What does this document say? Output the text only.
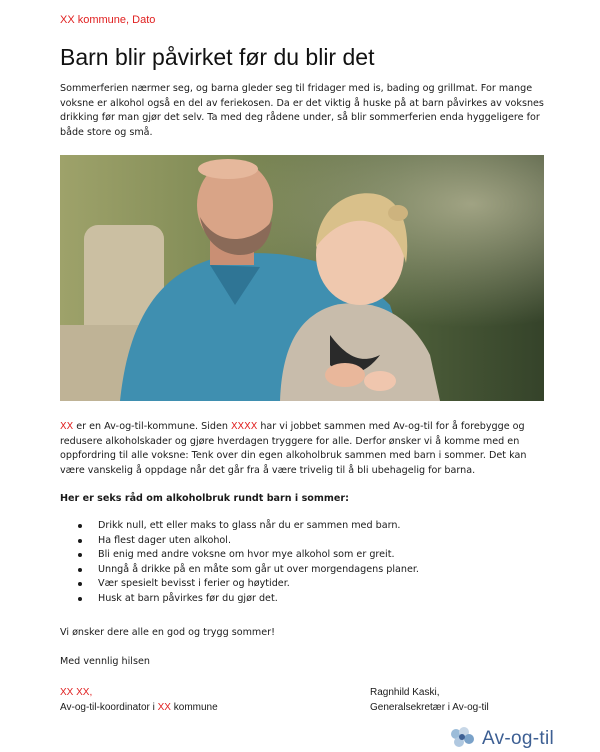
XX kommune, Dato
Barn blir påvirket før du blir det

Sommerferien nærmer seg, og barna gleder seg til fridager med is, bading og grillmat. For mange voksne er alkohol også en del av feriekosen. Da er det viktig å huske på at barn påvirkes av voksnes drikking før man gjør det selv. Ta med deg rådene under, så blir sommerferien enda hyggeligere for både store og små.

XX er en Av-og-til-kommune. Siden XXXX har vi jobbet sammen med Av-og-til for å forebygge og redusere alkoholskader og gjøre hverdagen tryggere for alle. Derfor ønsker vi å komme med en oppfordring til alle voksne: Tenk over din egen alkoholbruk sammen med barn i sommer. Det kan være vanskelig å oppdage når det går fra å være trivelig til å bli ubehagelig for barna.

Her er seks råd om alkoholbruk rundt barn i sommer:

Drikk null, ett eller maks to glass når du er sammen med barn.
Ha flest dager uten alkohol.
Bli enig med andre voksne om hvor mye alkohol som er greit.
Unngå å drikke på en måte som går ut over morgendagens planer.
Vær spesielt bevisst i ferier og høytider.
Husk at barn påvirkes før du gjør det.

Vi ønsker dere alle en god og trygg sommer!

Med vennlig hilsen

XX XX,
Av-og-til-koordinator i XX kommune
Ragnhild Kaski,
Generalsekretær i Av-og-til
Av-og-til
